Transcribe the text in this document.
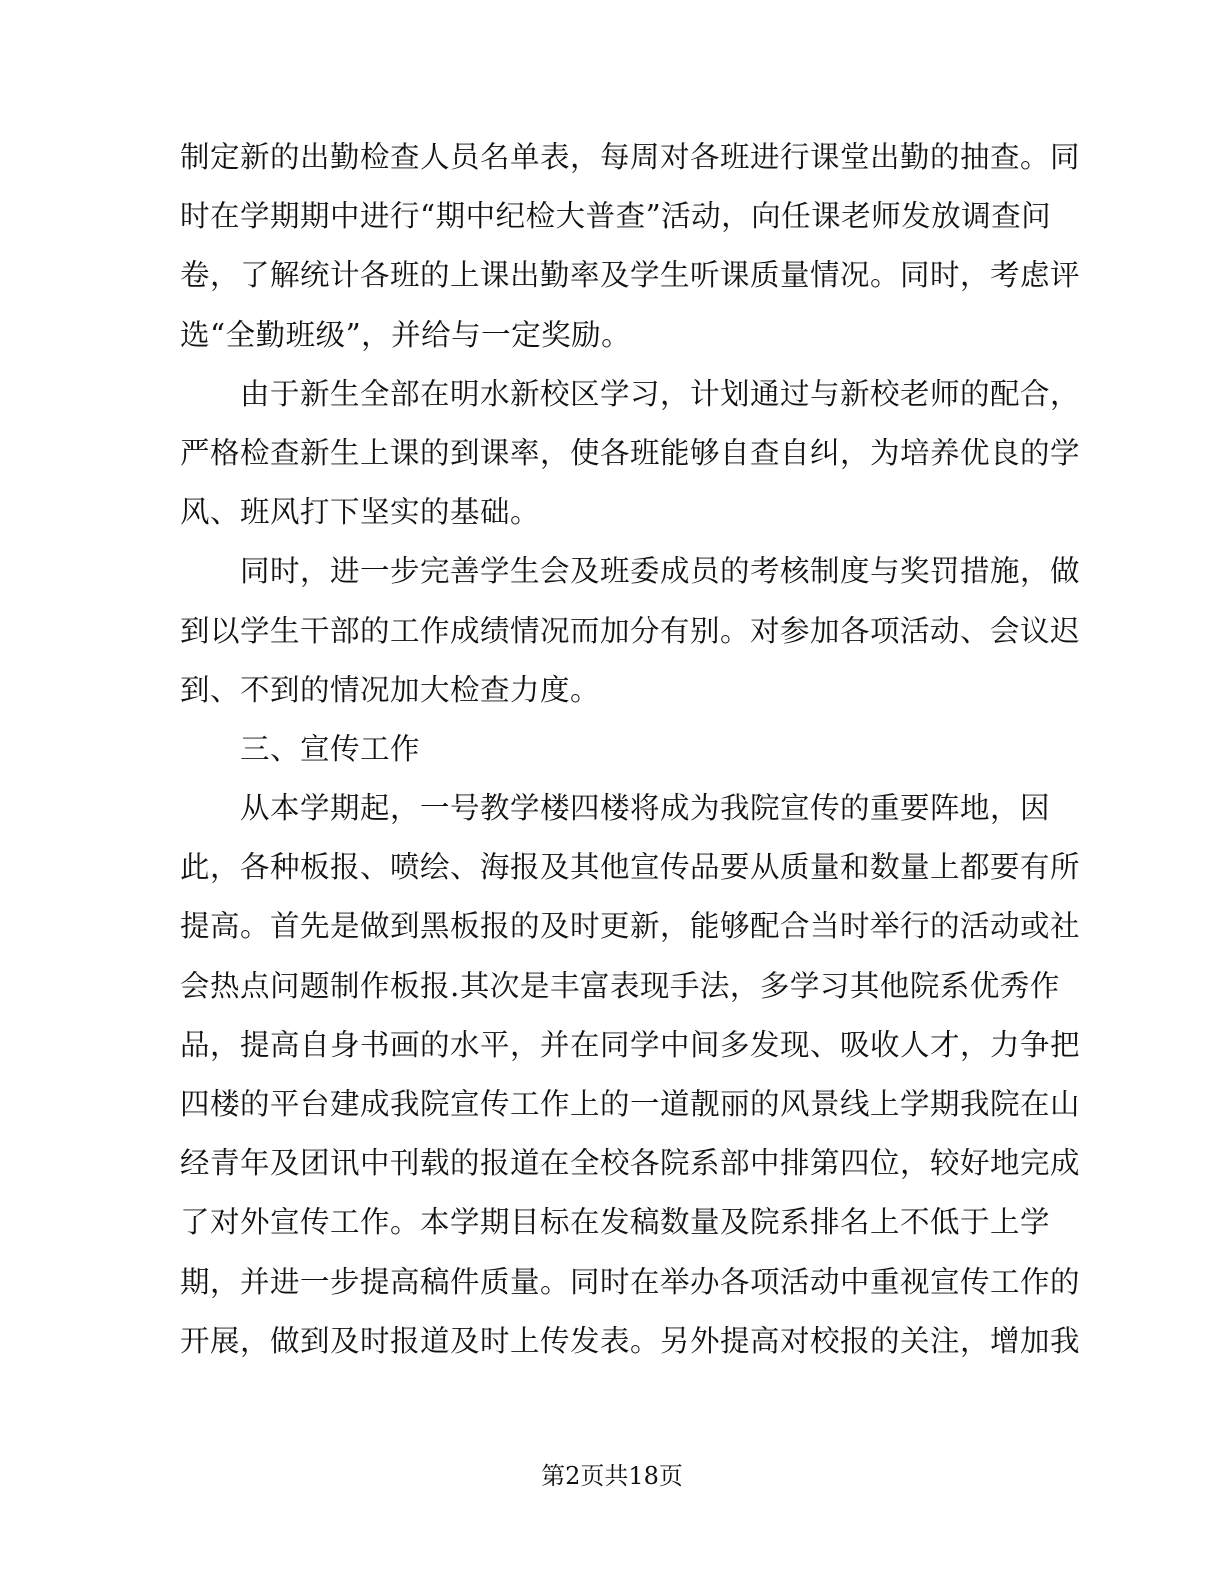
制定新的出勤检查人员名单表，每周对各班进行课堂出勤的抽查。同
时在学期期中进行“期中纪检大普查”活动，向任课老师发放调查问
卷，了解统计各班的上课出勤率及学生听课质量情况。同时，考虑评
选“全勤班级”，并给与一定奖励。
由于新生全部在明水新校区学习，计划通过与新校老师的配合，
严格检查新生上课的到课率，使各班能够自查自纠，为培养优良的学
风、班风打下坚实的基础。
同时，进一步完善学生会及班委成员的考核制度与奖罚措施，做
到以学生干部的工作成绩情况而加分有别。对参加各项活动、会议迟
到、不到的情况加大检查力度。
三、宣传工作
从本学期起，一号教学楼四楼将成为我院宣传的重要阵地，因
此，各种板报、喷绘、海报及其他宣传品要从质量和数量上都要有所
提高。首先是做到黑板报的及时更新，能够配合当时举行的活动或社
会热点问题制作板报.其次是丰富表现手法，多学习其他院系优秀作
品，提高自身书画的水平，并在同学中间多发现、吸收人才，力争把
四楼的平台建成我院宣传工作上的一道靓丽的风景线上学期我院在山
经青年及团讯中刊载的报道在全校各院系部中排第四位，较好地完成
了对外宣传工作。本学期目标在发稿数量及院系排名上不低于上学
期，并进一步提高稿件质量。同时在举办各项活动中重视宣传工作的
开展，做到及时报道及时上传发表。另外提高对校报的关注，增加我
第2页共18页
